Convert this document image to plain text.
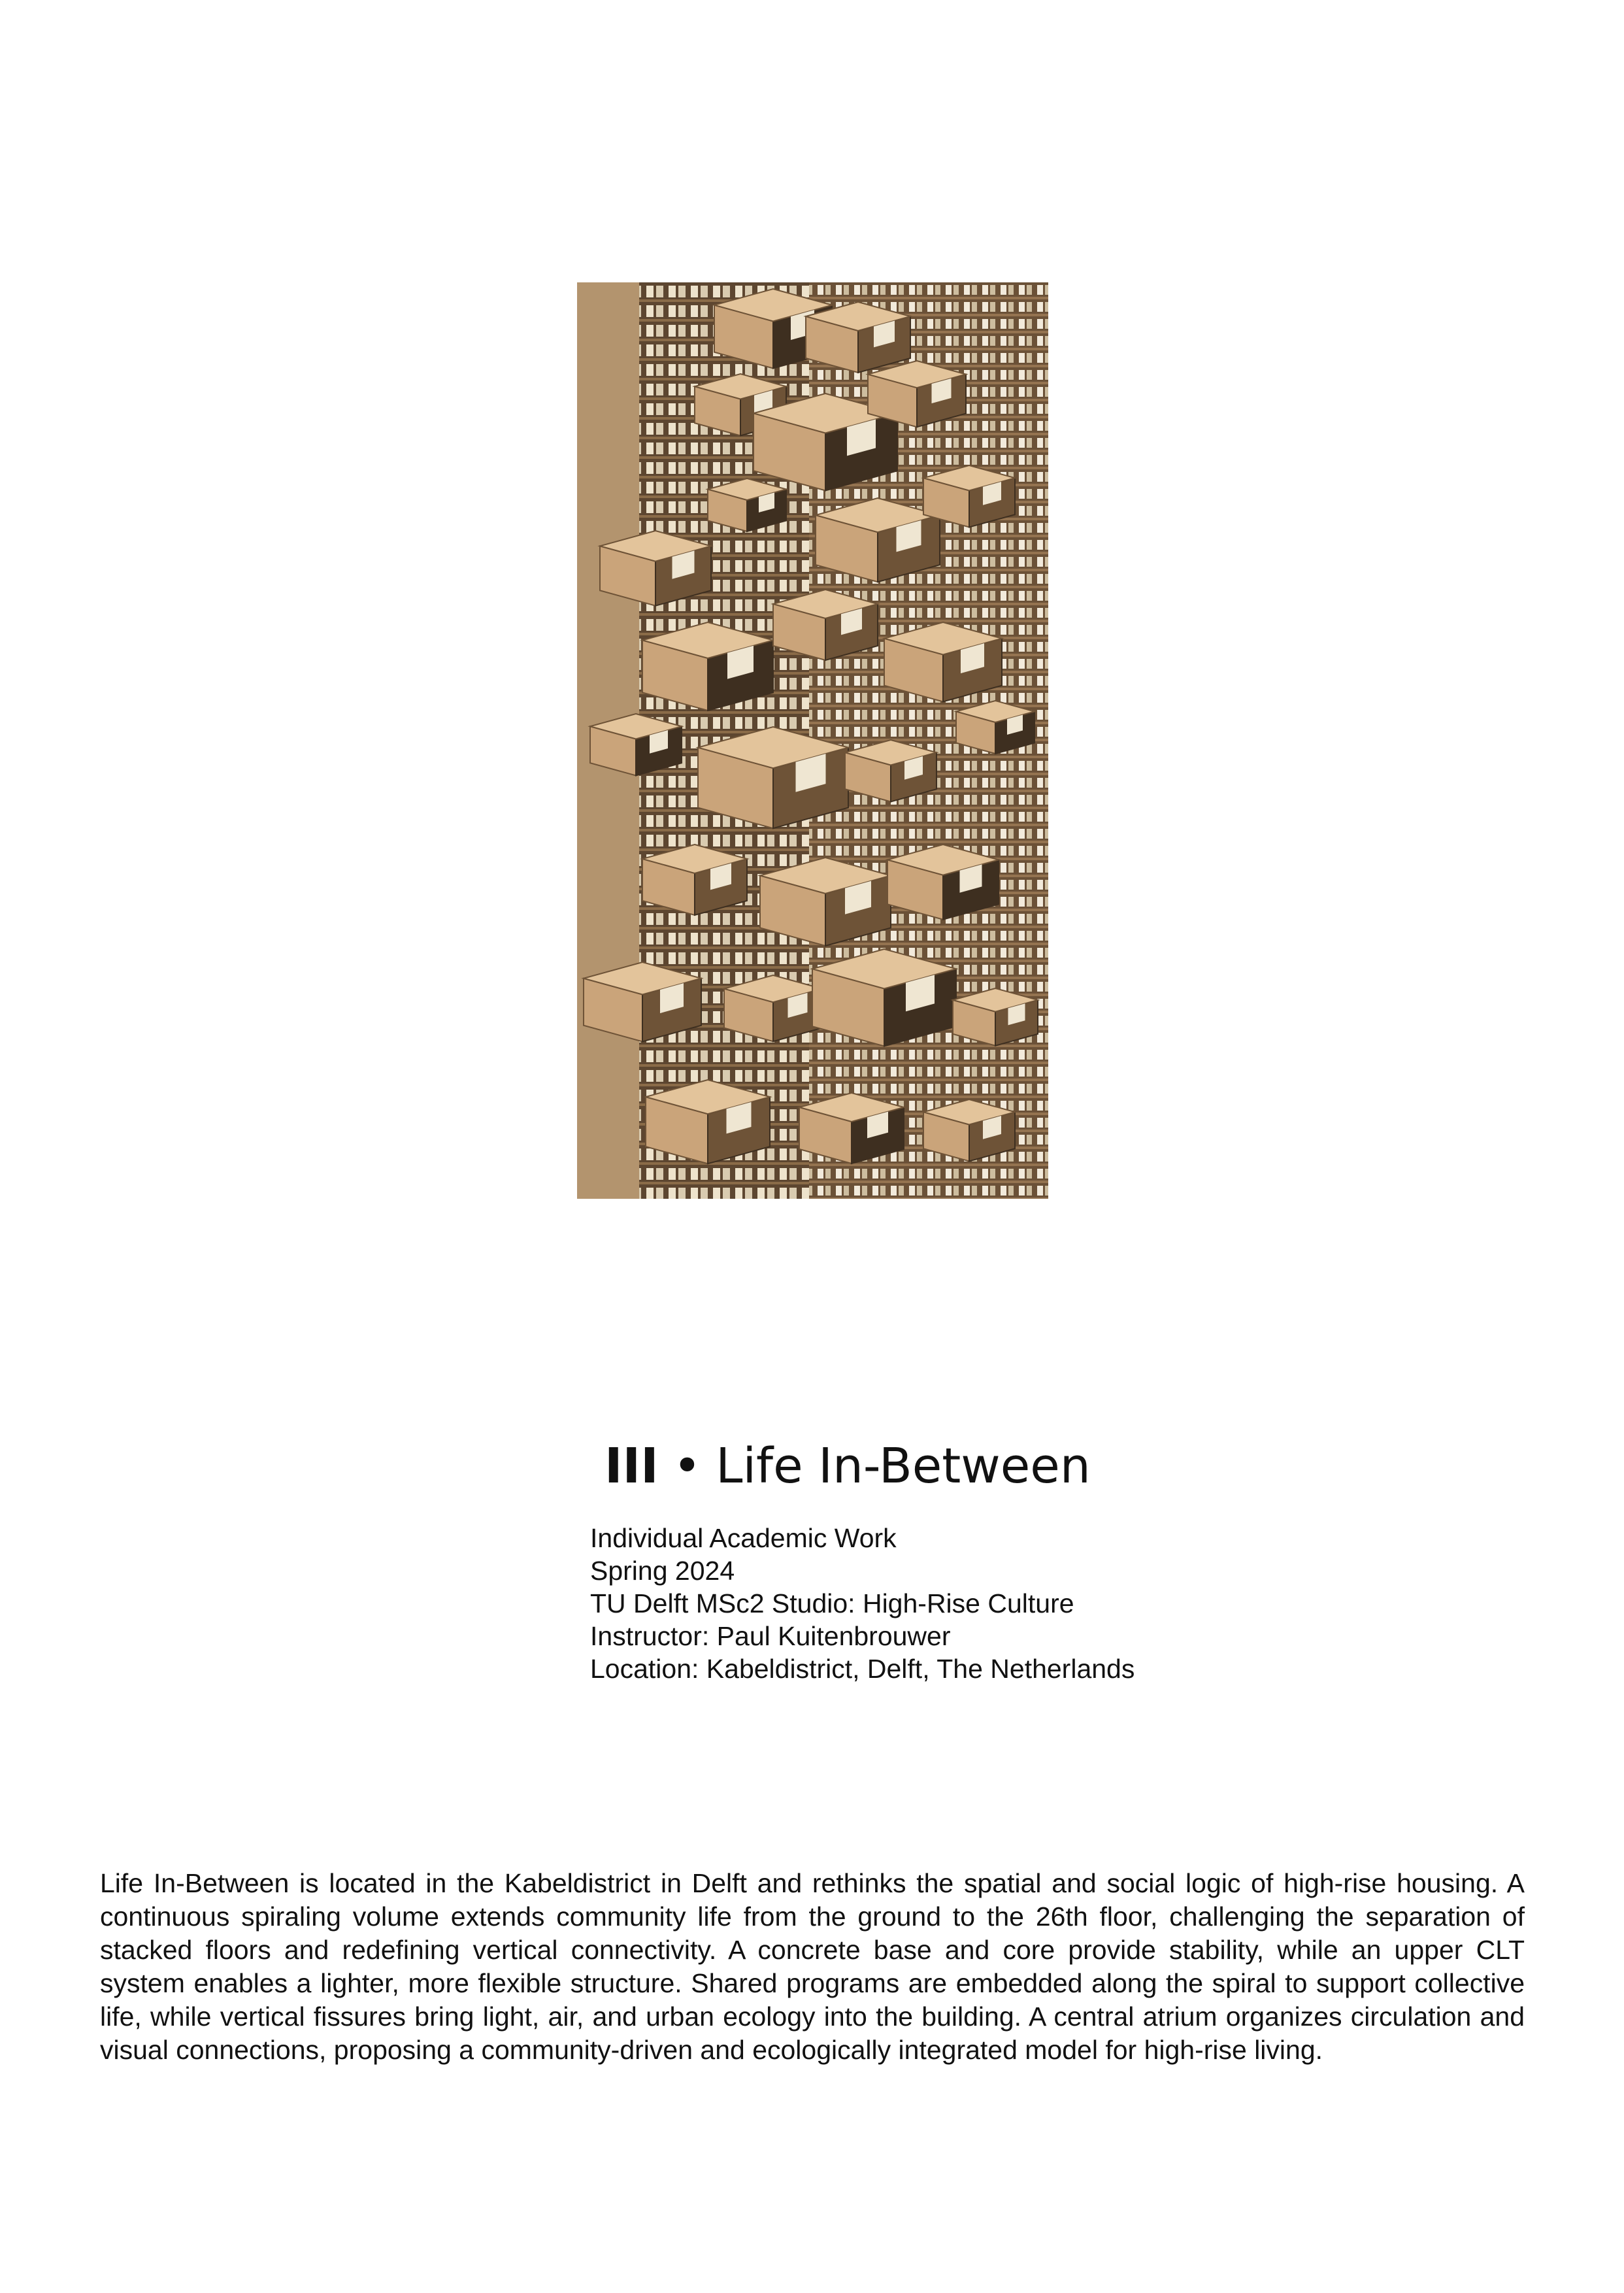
III • Life In-Between
Individual Academic Work
Spring 2024
TU Delft MSc2 Studio: High-Rise Culture
Instructor: Paul Kuitenbrouwer
Location: Kabeldistrict, Delft, The Netherlands
Life In-Between is located in the Kabeldistrict in Delft and rethinks the spatial and social logic of high-rise housing. A continuous spiraling volume extends community life from the ground to the 26th floor, challenging the separation of stacked floors and redefining vertical connectivity. A concrete base and core provide stability, while an upper CLT system enables a lighter, more flexible structure. Shared programs are embedded along the spiral to support collective life, while vertical fissures bring light, air, and urban ecology into the building. A central atrium organizes circulation and visual connections, proposing a community-driven and ecologically integrated model for high-rise living.
